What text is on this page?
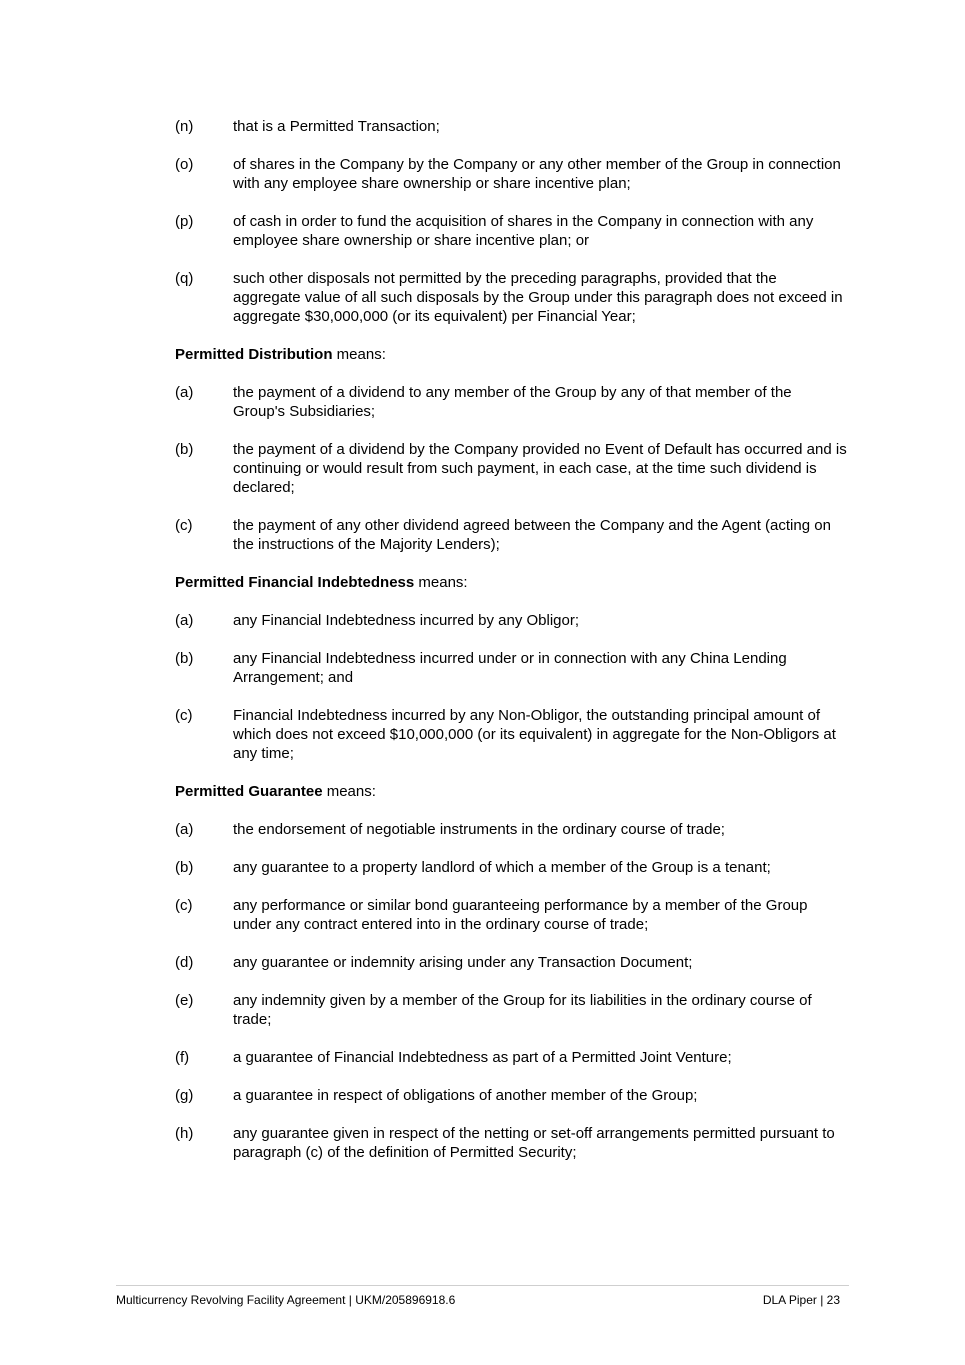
(n)	that is a Permitted Transaction;
(o)	of shares in the Company by the Company or any other member of the Group in connection with any employee share ownership or share incentive plan;
(p)	of cash in order to fund the acquisition of shares in the Company in connection with any employee share ownership or share incentive plan; or
(q)	such other disposals not permitted by the preceding paragraphs, provided that the aggregate value of all such disposals by the Group under this paragraph does not exceed in aggregate $30,000,000 (or its equivalent) per Financial Year;
Permitted Distribution means:
(a)	the payment of a dividend to any member of the Group by any of that member of the Group's Subsidiaries;
(b)	the payment of a dividend by the Company provided no Event of Default has occurred and is continuing or would result from such payment, in each case, at the time such dividend is declared;
(c)	the payment of any other dividend agreed between the Company and the Agent (acting on the instructions of the Majority Lenders);
Permitted Financial Indebtedness means:
(a)	any Financial Indebtedness incurred by any Obligor;
(b)	any Financial Indebtedness incurred under or in connection with any China Lending Arrangement; and
(c)	Financial Indebtedness incurred by any Non-Obligor, the outstanding principal amount of which does not exceed $10,000,000 (or its equivalent) in aggregate for the Non-Obligors at any time;
Permitted Guarantee means:
(a)	the endorsement of negotiable instruments in the ordinary course of trade;
(b)	any guarantee to a property landlord of which a member of the Group is a tenant;
(c)	any performance or similar bond guaranteeing performance by a member of the Group under any contract entered into in the ordinary course of trade;
(d)	any guarantee or indemnity arising under any Transaction Document;
(e)	any indemnity given by a member of the Group for its liabilities in the ordinary course of trade;
(f)	a guarantee of Financial Indebtedness as part of a Permitted Joint Venture;
(g)	a guarantee in respect of obligations of another member of the Group;
(h)	any guarantee given in respect of the netting or set-off arrangements permitted pursuant to paragraph (c) of the definition of Permitted Security;
Multicurrency Revolving Facility Agreement | UKM/205896918.6	DLA Piper | 23
